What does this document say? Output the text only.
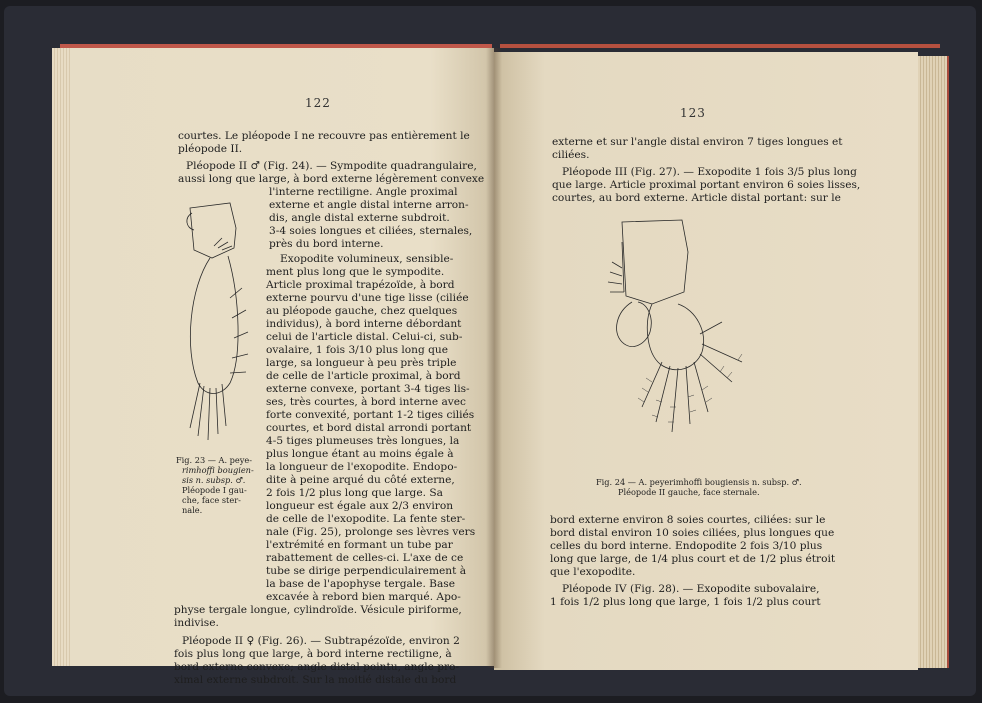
122
courtes. Le pléopode I ne recouvre pas entièrement le
pléopode II.
Pléopode II ♂ (Fig. 24). — Sympodite quadrangulaire,
aussi long que large, à bord externe légèrement convexe
l'interne rectiligne. Angle proximal
externe et angle distal interne arron-
dis, angle distal externe subdroit.
3-4 soies longues et ciliées, sternales,
près du bord interne.
Exopodite volumineux, sensible-
ment plus long que le sympodite.
Article proximal trapézoïde, à bord
externe pourvu d'une tige lisse (ciliée
au pléopode gauche, chez quelques
individus), à bord interne débordant
celui de l'article distal. Celui-ci, sub-
ovalaire, 1 fois 3/10 plus long que
large, sa longueur à peu près triple
de celle de l'article proximal, à bord
externe convexe, portant 3-4 tiges lis-
ses, très courtes, à bord interne avec
forte convexité, portant 1-2 tiges ciliés
courtes, et bord distal arrondi portant
4-5 tiges plumeuses très longues, la
plus longue étant au moins égale à
la longueur de l'exopodite. Endopo-
dite à peine arqué du côté externe,
2 fois 1/2 plus long que large. Sa
longueur est égale aux 2/3 environ
de celle de l'exopodite. La fente ster-
nale (Fig. 25), prolonge ses lèvres vers
l'extrémité en formant un tube par
rabattement de celles-ci. L'axe de ce
tube se dirige perpendiculairement à
la base de l'apophyse tergale. Base
excavée à rebord bien marqué. Apo-
physe tergale longue, cylindroïde. Vésicule piriforme,
indivise.
Pléopode II ♀ (Fig. 26). — Subtrapézoïde, environ 2
fois plus long que large, à bord interne rectiligne, à
bord externe convexe; angle distal pointu, angle pro-
ximal externe subdroit. Sur la moitié distale du bord
Fig. 23 — A. peye-
rimhoffi bougien-
sis n. subsp. ♂.
Pléopode I gau-
che, face ster-
nale.
123
externe et sur l'angle distal environ 7 tiges longues et
ciliées.
Pléopode III (Fig. 27). — Exopodite 1 fois 3/5 plus long
que large. Article proximal portant environ 6 soies lisses,
courtes, au bord externe. Article distal portant: sur le
Fig. 24 — A. peyerimhoffi bougiensis n. subsp. ♂.
Pléopode II gauche, face sternale.
bord externe environ 8 soies courtes, ciliées: sur le
bord distal environ 10 soies ciliées, plus longues que
celles du bord interne. Endopodite 2 fois 3/10 plus
long que large, de 1/4 plus court et de 1/2 plus étroit
que l'exopodite.
Pléopode IV (Fig. 28). — Exopodite subovalaire,
1 fois 1/2 plus long que large, 1 fois 1/2 plus court
